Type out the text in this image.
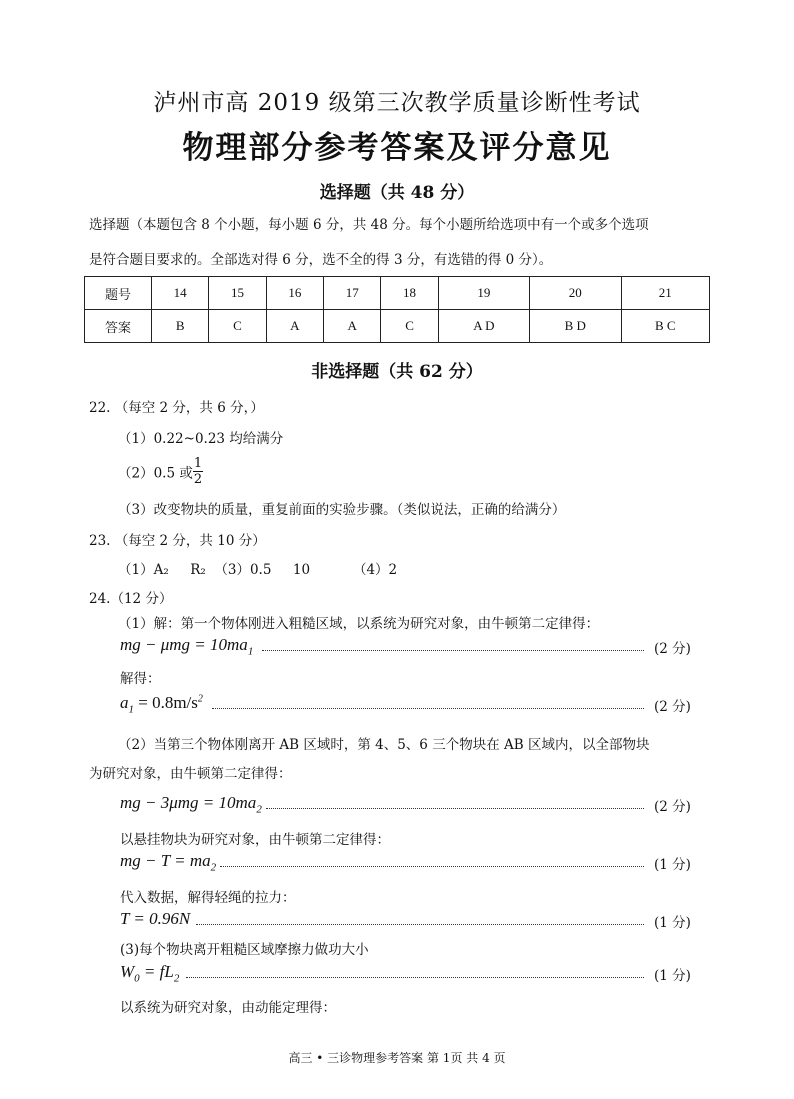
泸州市高 2019 级第三次教学质量诊断性考试
物理部分参考答案及评分意见
选择题（共 48 分）
选择题（本题包含 8 个小题，每小题 6 分，共 48 分。每个小题所给选项中有一个或多个选项
是符合题目要求的。全部选对得 6 分，选不全的得 3 分，有选错的得 0 分）。
题号	14	15	16	17	18	19	20	21
答案	B	C	A	A	C	A D	B D	B C
非选择题（共 62 分）
22. （每空 2 分，共 6 分，）
（1）0.22~0.23 均给满分
（2）0.5 或 $\frac{1}{2}$
（3）改变物块的质量，重复前面的实验步骤。（类似说法，正确的给满分）
23. （每空 2 分，共 10 分）
（1）A₂     R₂  （3）0.5     10          （4）2
24.（12 分）
（1）解：第一个物体刚进入粗糙区域，以系统为研究对象，由牛顿第二定律得：
mg − $\mu mg = 10ma_1$	(2 分)
解得：
$a_1 = 0.8m/s^2$
(2 分)
（2）当第三个物体刚离开 AB 区域时，第 4、5、6 三个物块在 AB 区域内，以全部物块
为研究对象，由牛顿第二定律得：
mg − $3\mu mg = 10ma_2$	(2 分)
以悬挂物块为研究对象，由牛顿第二定律得：
mg − $T = ma_2$	(1 分)
代入数据，解得轻绳的拉力：
T = 0.96N	(1 分)
(3)每个物块离开粗糙区域摩擦力做功大小
$W_0 = fL_2$	(1 分)
以系统为研究对象，由动能定理得：
高三 • 三诊物理参考答案 第 1页 共 4 页
